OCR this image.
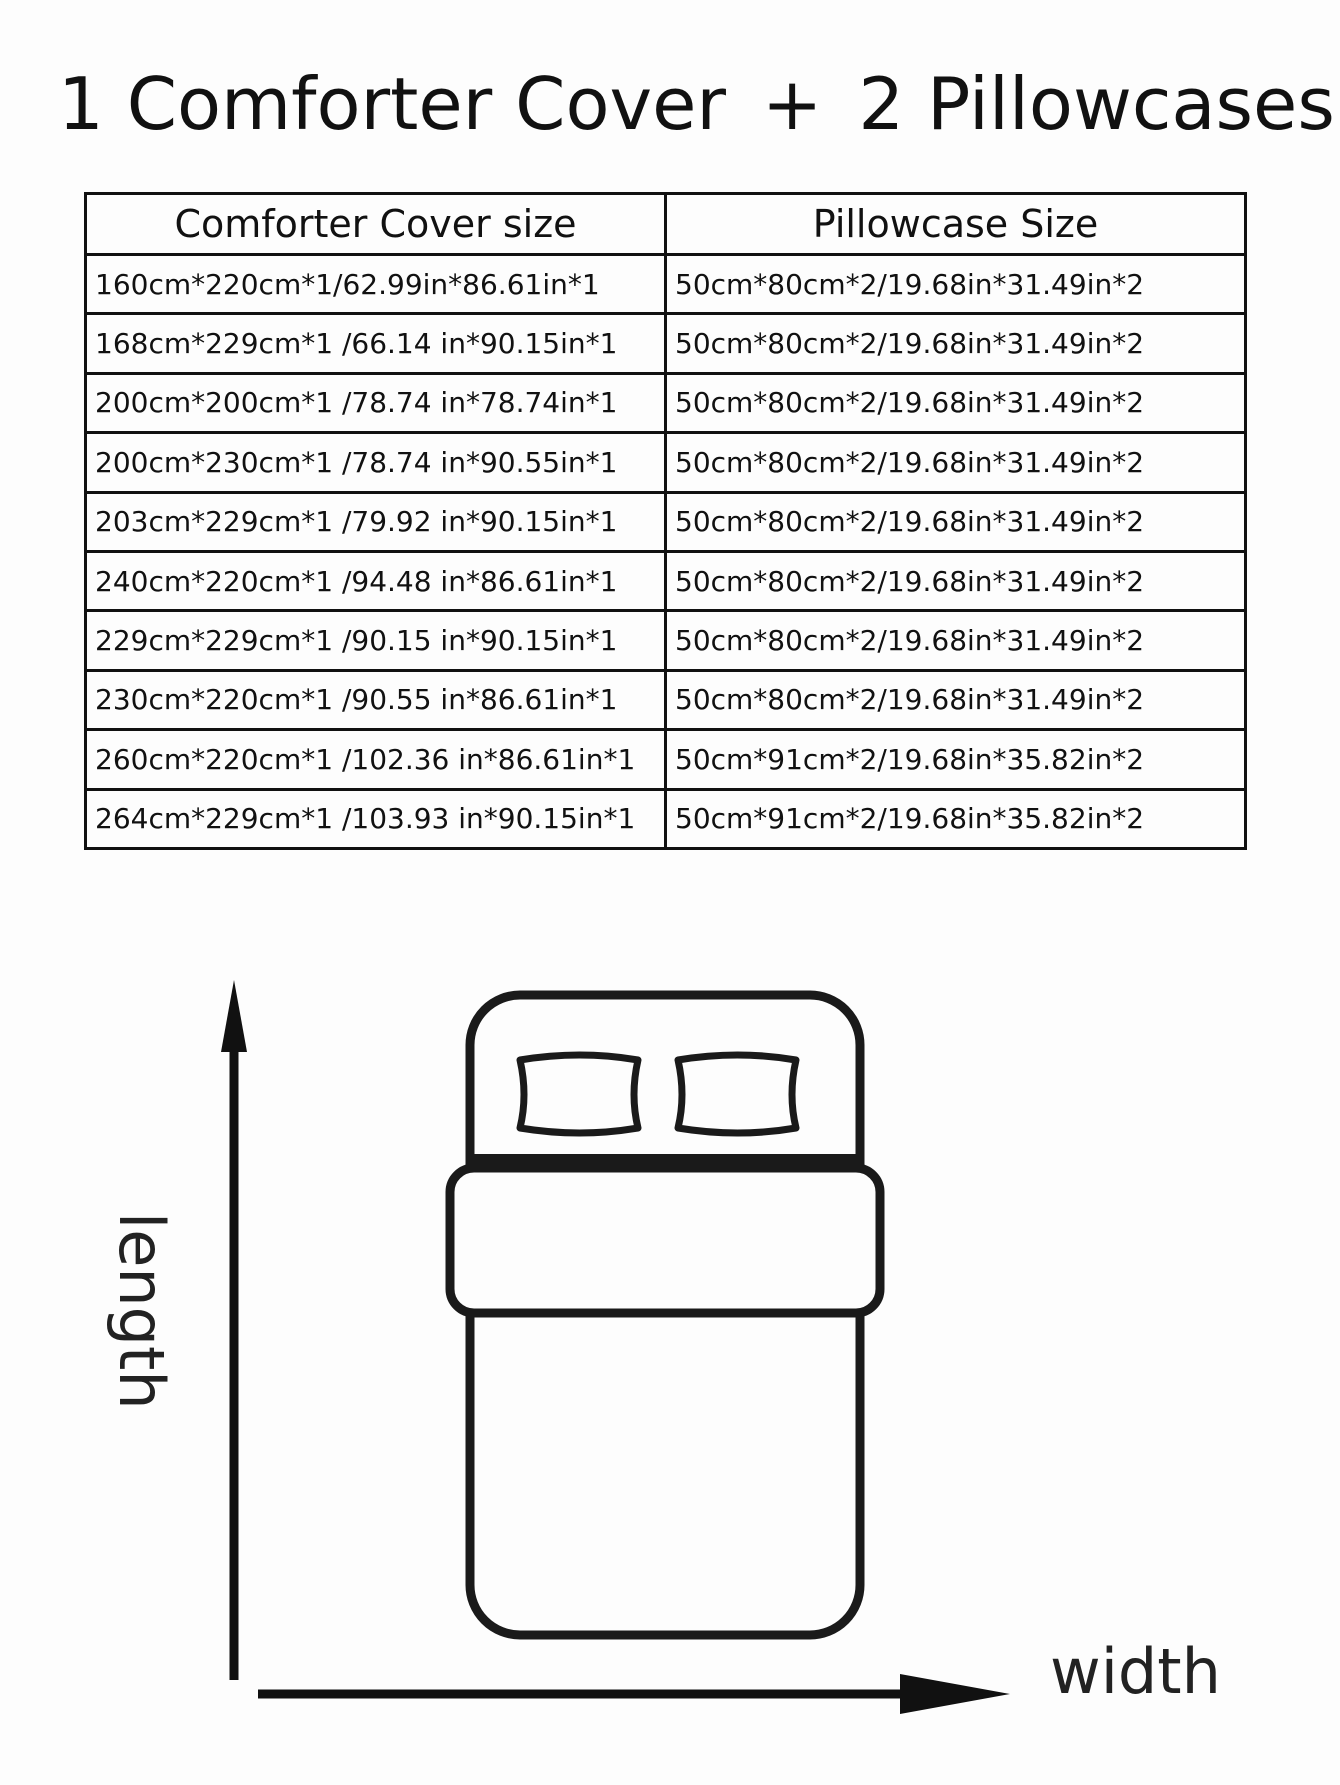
1 Comforter Cover + 2 Pillowcases
Comforter Cover size	Pillowcase Size
160cm*220cm*1/62.99in*86.61in*1	50cm*80cm*2/19.68in*31.49in*2
168cm*229cm*1 /66.14 in*90.15in*1	50cm*80cm*2/19.68in*31.49in*2
200cm*200cm*1 /78.74 in*78.74in*1	50cm*80cm*2/19.68in*31.49in*2
200cm*230cm*1 /78.74 in*90.55in*1	50cm*80cm*2/19.68in*31.49in*2
203cm*229cm*1 /79.92 in*90.15in*1	50cm*80cm*2/19.68in*31.49in*2
240cm*220cm*1 /94.48 in*86.61in*1	50cm*80cm*2/19.68in*31.49in*2
229cm*229cm*1 /90.15 in*90.15in*1	50cm*80cm*2/19.68in*31.49in*2
230cm*220cm*1 /90.55 in*86.61in*1	50cm*80cm*2/19.68in*31.49in*2
260cm*220cm*1 /102.36 in*86.61in*1	50cm*91cm*2/19.68in*35.82in*2
264cm*229cm*1 /103.93 in*90.15in*1	50cm*91cm*2/19.68in*35.82in*2
length
width
